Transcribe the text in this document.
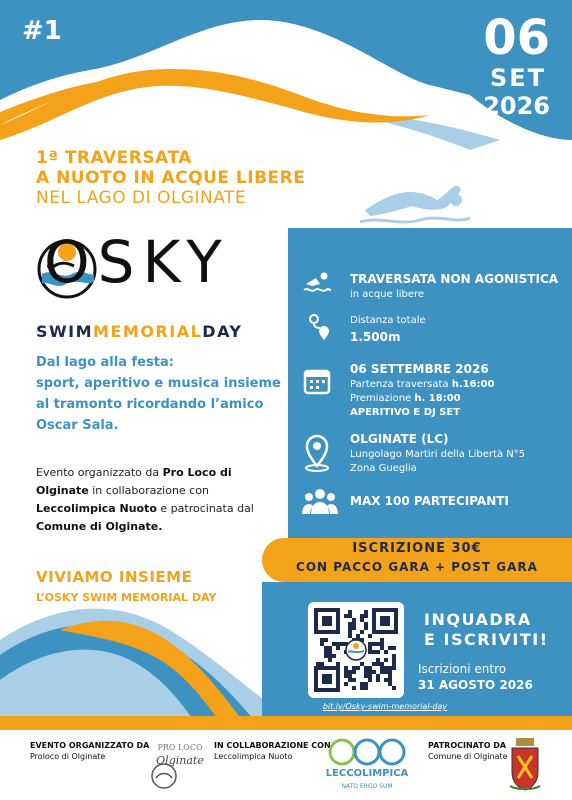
#1	06
SET
2026
1ª TRAVERSATA
A NUOTO IN ACQUE LIBERE
NEL LAGO DI OLGINATE
OSKY
SWIMMEMORIALDAY
Dal lago alla festa:
sport, aperitivo e musica insieme
al tramonto ricordando l’amico
Oscar Sala.
Evento organizzato da Pro Loco di Olginate in collaborazione con Leccolimpica Nuoto e patrocinata dal Comune di Olginate.
VIVIAMO INSIEME
L’OSKY SWIM MEMORIAL DAY
TRAVERSATA NON AGONISTICA
in acque libere
Distanza totale
1.500m
06 SETTEMBRE 2026
Partenza traversata h.16:00
Premiazione h. 18:00
APERITIVO E DJ SET
OLGINATE (LC)
Lungolago Martiri della Libertà N°5
Zona Gueglia
MAX 100 PARTECIPANTI
ISCRIZIONE 30€
CON PACCO GARA + POST GARA
INQUADRA
E ISCRIVITI!
Iscrizioni entro
31 AGOSTO 2026
bit.ly/Osky-swim-memorial-day
EVENTO ORGANIZZATO DA
Proloco di Olginate
PRO LOCO
Olginate
IN COLLABORAZIONE CON
Leccolimpica Nuoto
LECCOLIMPICA
NATO ERGO SUM
PATROCINATO DA
Comune di Olginate
